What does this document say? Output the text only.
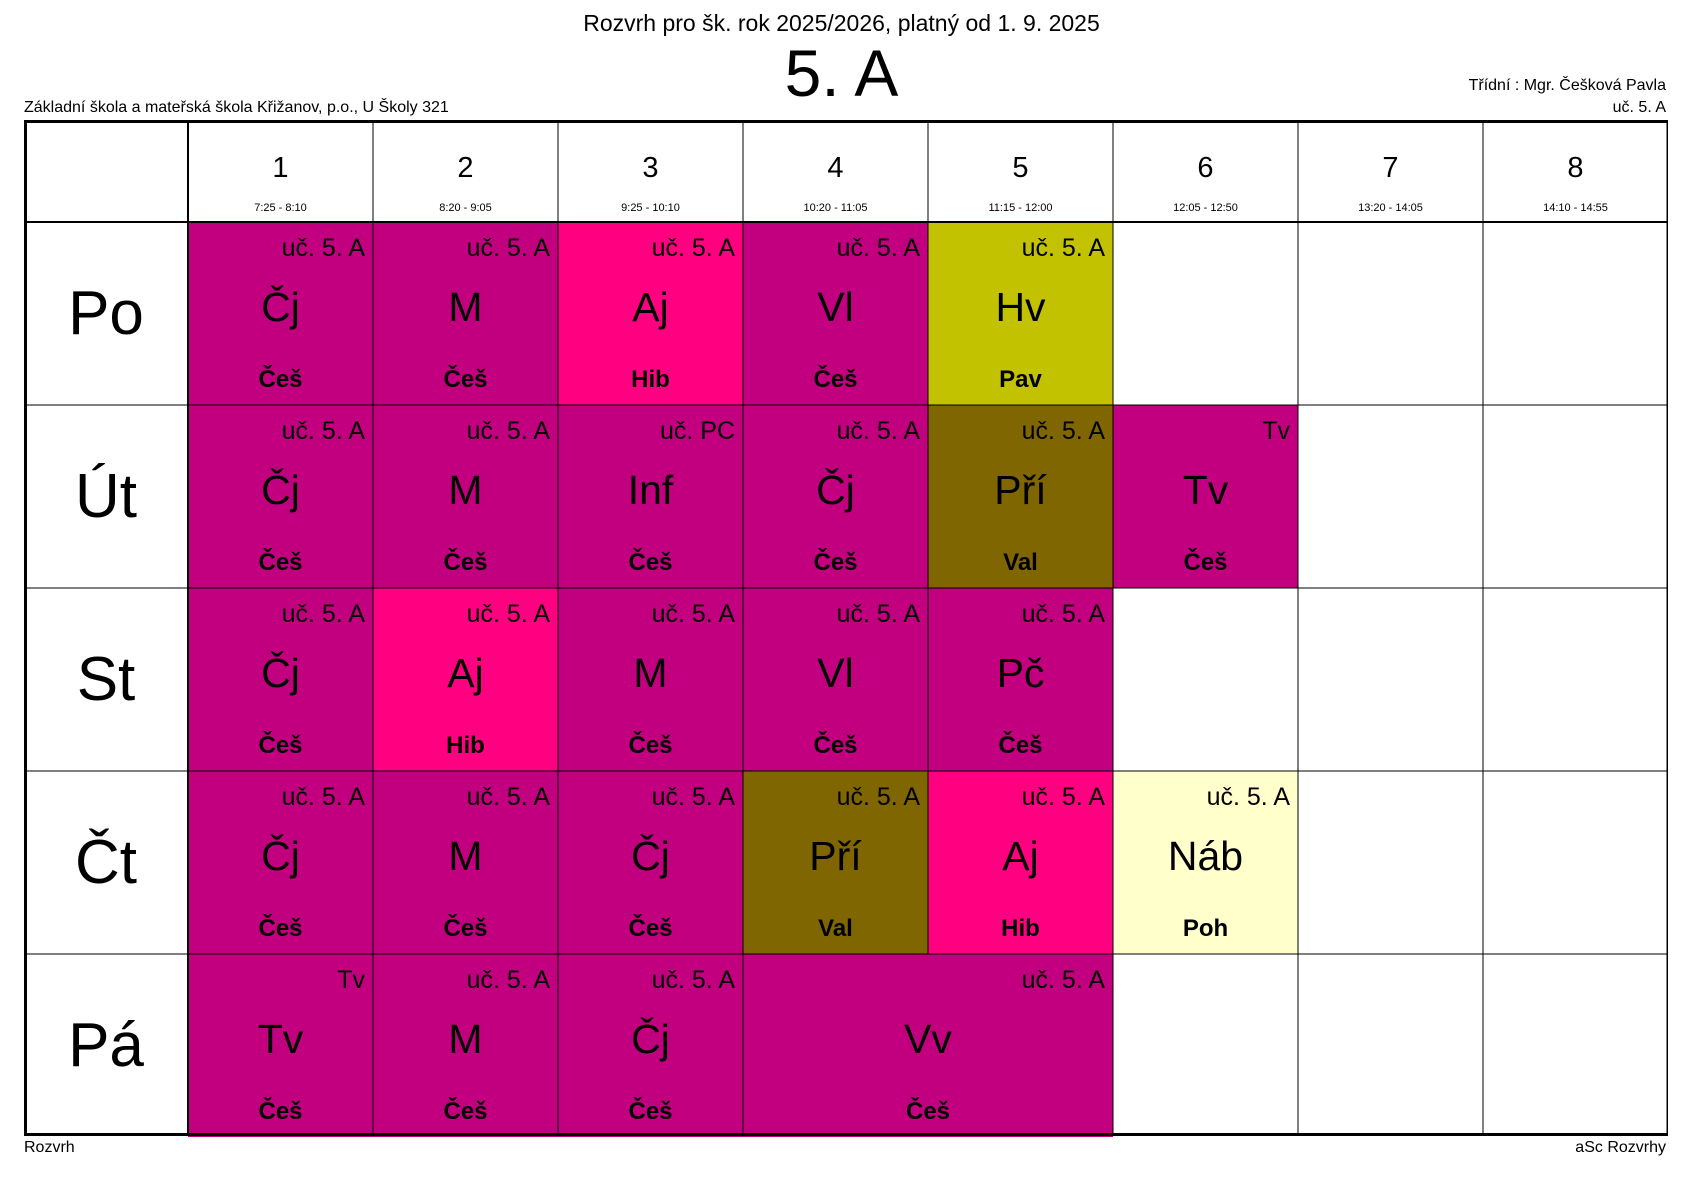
Rozvrh pro šk. rok 2025/2026, platný od 1. 9. 2025
5. A
Základní škola a mateřská škola Křižanov, p.o., U Školy 321
Třídní : Mgr. Češková Pavla
uč. 5. A
1
7:25 - 8:10
2
8:20 - 9:05
3
9:25 - 10:10
4
10:20 - 11:05
5
11:15 - 12:00
6
12:05 - 12:50
7
13:20 - 14:05
8
14:10 - 14:55
Po
Út
St
Čt
Pá
uč. 5. A
Čj
Češ
uč. 5. A
M
Češ
uč. 5. A
Aj
Hib
uč. 5. A
Vl
Češ
uč. 5. A
Hv
Pav
uč. 5. A
Čj
Češ
uč. 5. A
M
Češ
uč. PC
Inf
Češ
uč. 5. A
Čj
Češ
uč. 5. A
Pří
Val
Tv
Tv
Češ
uč. 5. A
Čj
Češ
uč. 5. A
Aj
Hib
uč. 5. A
M
Češ
uč. 5. A
Vl
Češ
uč. 5. A
Pč
Češ
uč. 5. A
Čj
Češ
uč. 5. A
M
Češ
uč. 5. A
Čj
Češ
uč. 5. A
Pří
Val
uč. 5. A
Aj
Hib
uč. 5. A
Náb
Poh
Tv
Tv
Češ
uč. 5. A
M
Češ
uč. 5. A
Čj
Češ
uč. 5. A
Vv
Češ
Rozvrh	aSc Rozvrhy
